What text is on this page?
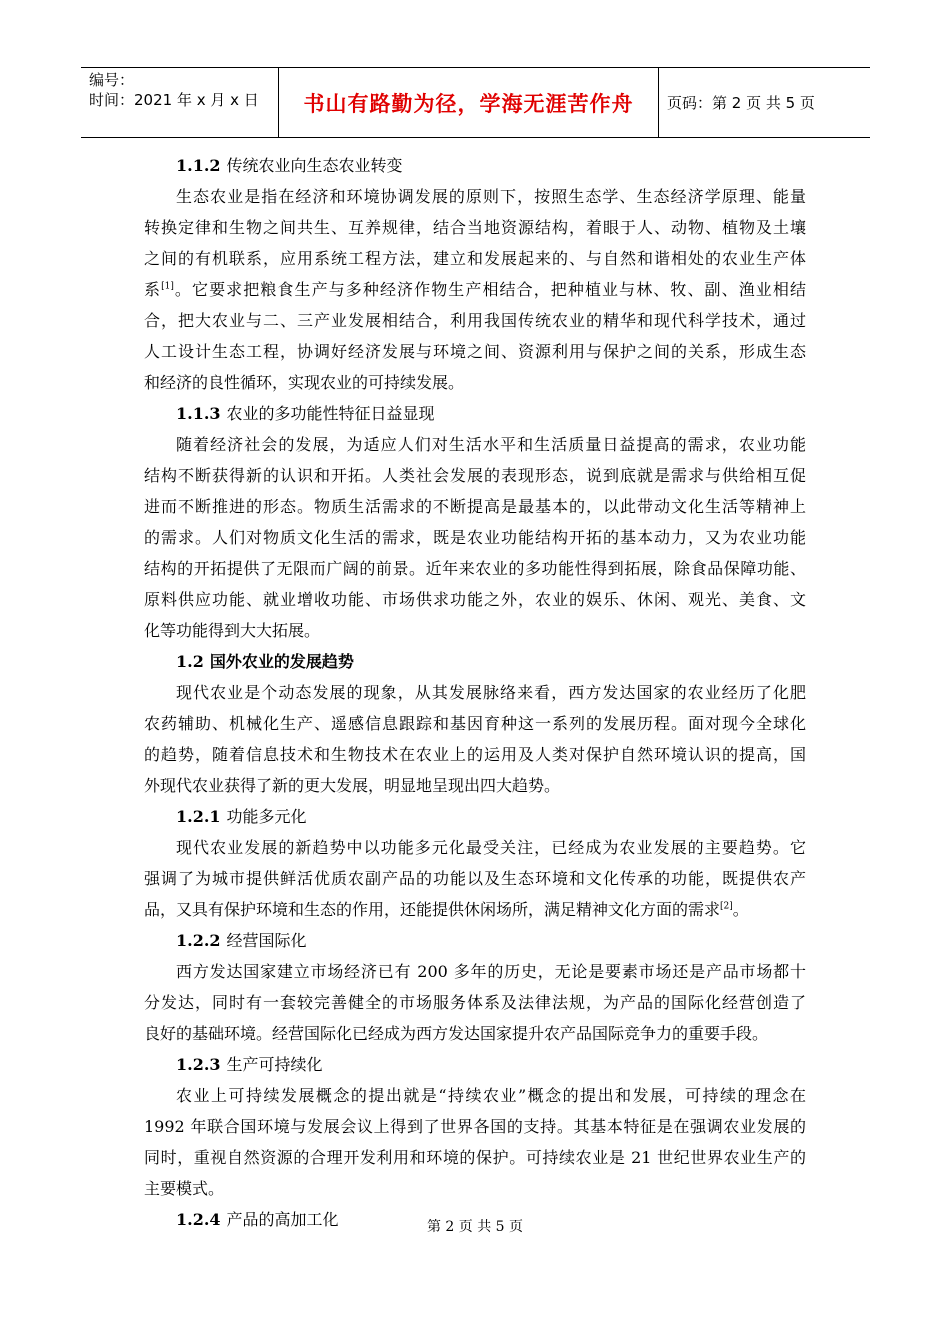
编号：
时间：2021 年 x 月 x 日	书山有路勤为径，学海无涯苦作舟 页码：第 2 页 共 5 页
1.1.2 传统农业向生态农业转变
生态农业是指在经济和环境协调发展的原则下，按照生态学、生态经济学原理、能量
转换定律和生物之间共生、互养规律，结合当地资源结构，着眼于人、动物、植物及土壤
之间的有机联系，应用系统工程方法，建立和发展起来的、与自然和谐相处的农业生产体
系[1]。它要求把粮食生产与多种经济作物生产相结合，把种植业与林、牧、副、渔业相结
合，把大农业与二、三产业发展相结合，利用我国传统农业的精华和现代科学技术，通过
人工设计生态工程，协调好经济发展与环境之间、资源利用与保护之间的关系，形成生态
和经济的良性循环，实现农业的可持续发展。
1.1.3 农业的多功能性特征日益显现
随着经济社会的发展，为适应人们对生活水平和生活质量日益提高的需求，农业功能
结构不断获得新的认识和开拓。人类社会发展的表现形态，说到底就是需求与供给相互促
进而不断推进的形态。物质生活需求的不断提高是最基本的，以此带动文化生活等精神上
的需求。人们对物质文化生活的需求，既是农业功能结构开拓的基本动力，又为农业功能
结构的开拓提供了无限而广阔的前景。近年来农业的多功能性得到拓展，除食品保障功能、
原料供应功能、就业增收功能、市场供求功能之外，农业的娱乐、休闲、观光、美食、文
化等功能得到大大拓展。
1.2 国外农业的发展趋势
现代农业是个动态发展的现象，从其发展脉络来看，西方发达国家的农业经历了化肥
农药辅助、机械化生产、遥感信息跟踪和基因育种这一系列的发展历程。面对现今全球化
的趋势，随着信息技术和生物技术在农业上的运用及人类对保护自然环境认识的提高，国
外现代农业获得了新的更大发展，明显地呈现出四大趋势。
1.2.1 功能多元化
现代农业发展的新趋势中以功能多元化最受关注，已经成为农业发展的主要趋势。它
强调了为城市提供鲜活优质农副产品的功能以及生态环境和文化传承的功能，既提供农产
品，又具有保护环境和生态的作用，还能提供休闲场所，满足精神文化方面的需求[2]。
1.2.2 经营国际化
西方发达国家建立市场经济已有 200 多年的历史，无论是要素市场还是产品市场都十
分发达，同时有一套较完善健全的市场服务体系及法律法规，为产品的国际化经营创造了
良好的基础环境。经营国际化已经成为西方发达国家提升农产品国际竞争力的重要手段。
1.2.3 生产可持续化
农业上可持续发展概念的提出就是“持续农业”概念的提出和发展，可持续的理念在
1992 年联合国环境与发展会议上得到了世界各国的支持。其基本特征是在强调农业发展的
同时，重视自然资源的合理开发利用和环境的保护。可持续农业是 21 世纪世界农业生产的
主要模式。
1.2.4 产品的高加工化	第 2 页 共 5 页
